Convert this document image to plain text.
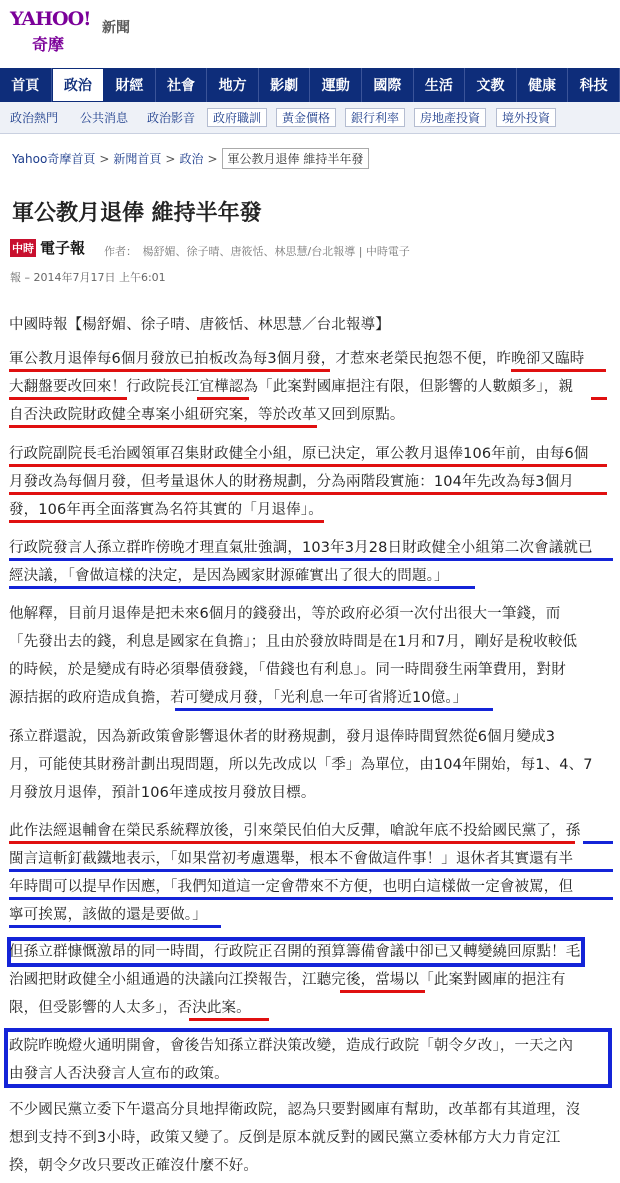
YAHOO!
奇摩
新聞
首頁	政治	財經	社會	地方	影劇	運動	國際	生活	文教	健康	科技
政治熱門 公共消息 政治影音	政府職訓	黃金價格	銀行利率	房地產投資	境外投資
Yahoo奇摩首頁 > 新聞首頁 > 政治 > 軍公教月退俸 維持半年發
軍公教月退俸 維持半年發
中時 電子報 作者：　楊舒媚、徐子晴、唐筱恬、林思慧/台北報導 | 中時電子
報 – 2014年7月17日 上午6:01

中國時報【楊舒媚、徐子晴、唐筱恬、林思慧／台北報導】

軍公教月退俸每6個月發放已拍板改為每3個月發，才惹來老榮民抱怨不便，昨晚卻又臨時
大翻盤要改回來！行政院長江宜樺認為「此案對國庫挹注有限，但影響的人數頗多」，親
自否決政院財政健全專案小組研究案，等於改革又回到原點。

行政院副院長毛治國領軍召集財政健全小組，原已決定，軍公教月退俸106年前，由每6個
月發改為每個月發，但考量退休人的財務規劃，分為兩階段實施：104年先改為每3個月
發，106年再全面落實為名符其實的「月退俸」。

行政院發言人孫立群昨傍晚才理直氣壯強調，103年3月28日財政健全小組第二次會議就已
經決議，「會做這樣的決定，是因為國家財源確實出了很大的問題。」

他解釋，目前月退俸是把未來6個月的錢發出，等於政府必須一次付出很大一筆錢，而
「先發出去的錢，利息是國家在負擔」；且由於發放時間是在1月和7月，剛好是稅收較低
的時候，於是變成有時必須舉債發錢，「借錢也有利息」。同一時間發生兩筆費用，對財
源拮据的政府造成負擔，若可變成月發，「光利息一年可省將近10億。」

孫立群還說，因為新政策會影響退休者的財務規劃，發月退俸時間貿然從6個月變成3
月，可能使其財務計劃出現問題，所以先改成以「季」為單位，由104年開始，每1、4、7
月發放月退俸，預計106年達成按月發放目標。

此作法經退輔會在榮民系統釋放後，引來榮民伯伯大反彈，嗆說年底不投給國民黨了，孫
閩言這斬釘截鐵地表示，「如果當初考慮選舉，根本不會做這件事！」退休者其實還有半
年時間可以提早作因應，「我們知道這一定會帶來不方便，也明白這樣做一定會被罵，但
寧可挨罵，該做的還是要做。」

但孫立群慷慨激昂的同一時間，行政院正召開的預算籌備會議中卻已又轉變繞回原點！毛
治國把財政健全小組通過的決議向江揆報告，江聽完後，當場以「此案對國庫的挹注有
限，但受影響的人太多」，否決此案。

政院昨晚燈火通明開會，會後告知孫立群決策改變，造成行政院「朝令夕改」，一天之內
由發言人否決發言人宣布的政策。

不少國民黨立委下午還高分貝地捍衛政院，認為只要對國庫有幫助，改革都有其道理，沒
想到支持不到3小時，政策又變了。反倒是原本就反對的國民黨立委林郁方大力肯定江
揆，朝令夕改只要改正確沒什麼不好。
